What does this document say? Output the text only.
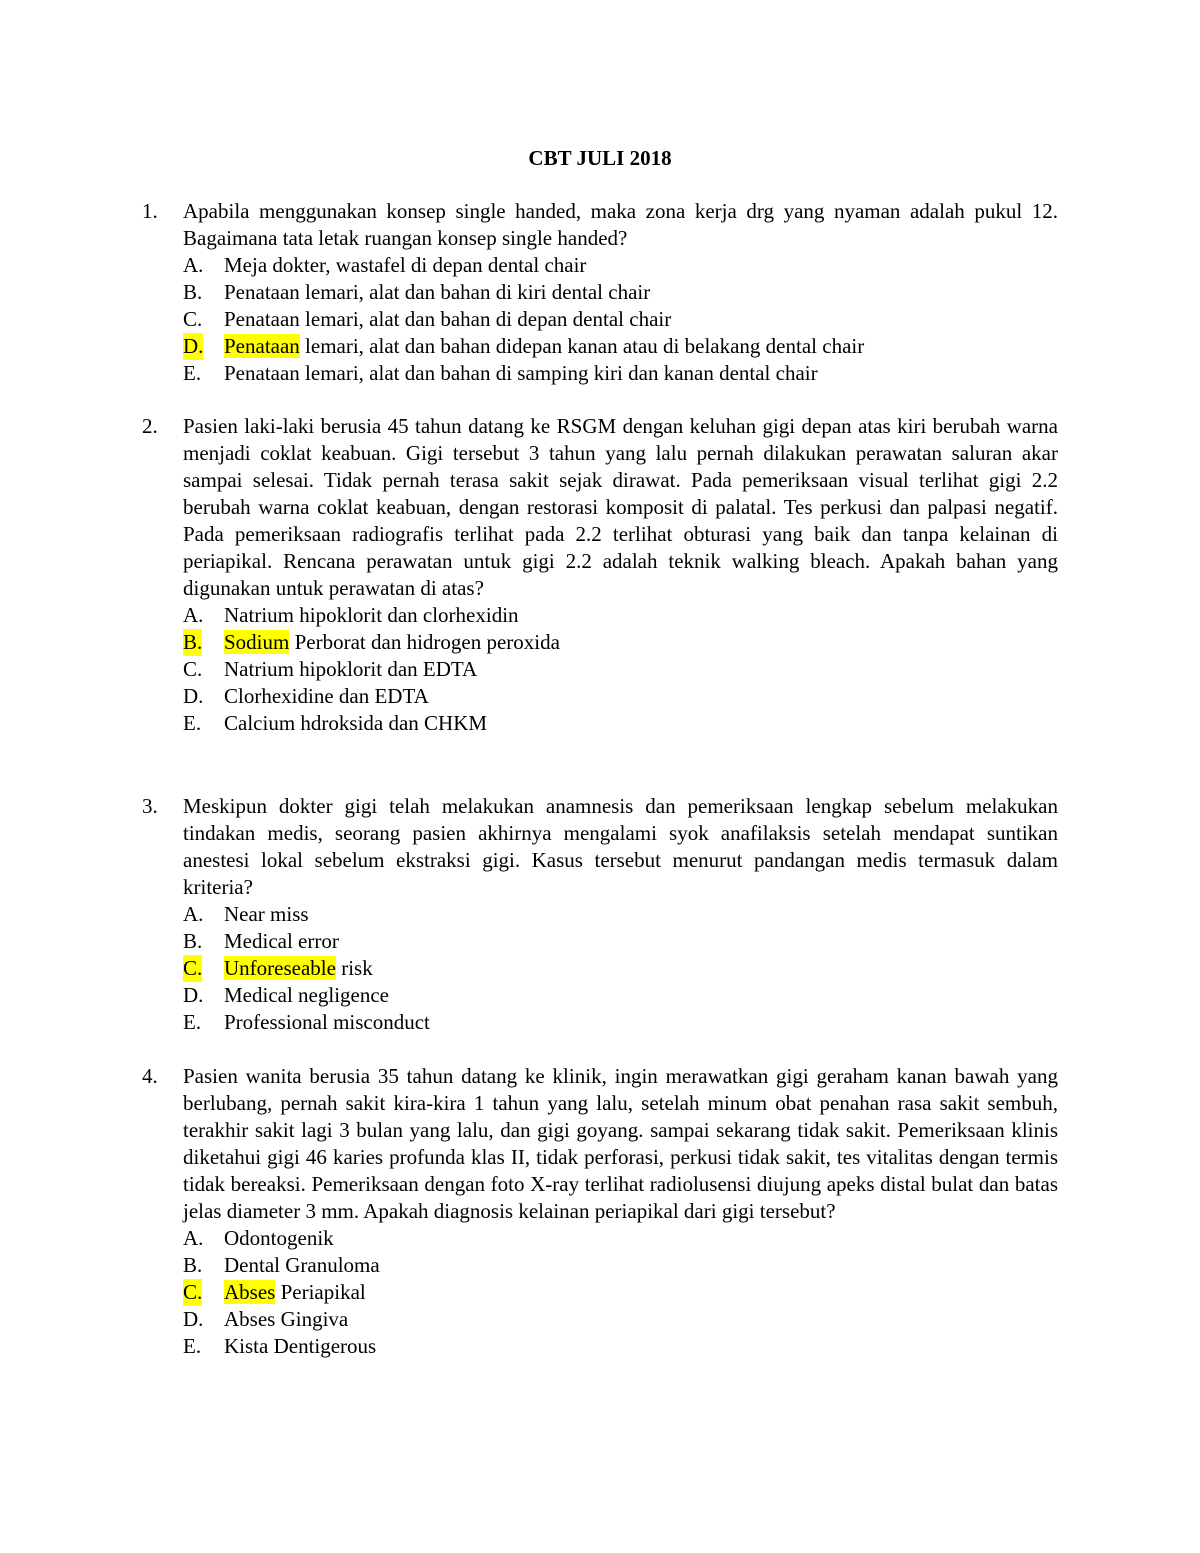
CBT JULI 2018
1. Apabila menggunakan konsep single handed, maka zona kerja drg yang nyaman adalah pukul 12. Bagaimana tata letak ruangan konsep single handed?

A. Meja dokter, wastafel di depan dental chair
B. Penataan lemari, alat dan bahan di kiri dental chair
C. Penataan lemari, alat dan bahan di depan dental chair
D. Penataan lemari, alat dan bahan didepan kanan atau di belakang dental chair
E. Penataan lemari, alat dan bahan di samping kiri dan kanan dental chair
2. Pasien laki-laki berusia 45 tahun datang ke RSGM dengan keluhan gigi depan atas kiri berubah warna menjadi coklat keabuan. Gigi tersebut 3 tahun yang lalu pernah dilakukan perawatan saluran akar sampai selesai. Tidak pernah terasa sakit sejak dirawat. Pada pemeriksaan visual terlihat gigi 2.2 berubah warna coklat keabuan, dengan restorasi komposit di palatal. Tes perkusi dan palpasi negatif. Pada pemeriksaan radiografis terlihat pada 2.2 terlihat obturasi yang baik dan tanpa kelainan di periapikal. Rencana perawatan untuk gigi 2.2 adalah teknik walking bleach. Apakah bahan yang digunakan untuk perawatan di atas?

A. Natrium hipoklorit dan clorhexidin
B. Sodium Perborat dan hidrogen peroxida
C. Natrium hipoklorit dan EDTA
D. Clorhexidine dan EDTA
E. Calcium hdroksida dan CHKM
3. Meskipun dokter gigi telah melakukan anamnesis dan pemeriksaan lengkap sebelum melakukan tindakan medis, seorang pasien akhirnya mengalami syok anafilaksis setelah mendapat suntikan anestesi lokal sebelum ekstraksi gigi. Kasus tersebut menurut pandangan medis termasuk dalam kriteria?

A. Near miss
B. Medical error
C. Unforeseable risk
D. Medical negligence
E. Professional misconduct
4. Pasien wanita berusia 35 tahun datang ke klinik, ingin merawatkan gigi geraham kanan bawah yang berlubang, pernah sakit kira-kira 1 tahun yang lalu, setelah minum obat penahan rasa sakit sembuh, terakhir sakit lagi 3 bulan yang lalu, dan gigi goyang. sampai sekarang tidak sakit. Pemeriksaan klinis diketahui gigi 46 karies profunda klas II, tidak perforasi, perkusi tidak sakit, tes vitalitas dengan termis tidak bereaksi. Pemeriksaan dengan foto X-ray terlihat radiolusensi diujung apeks distal bulat dan batas jelas diameter 3 mm. Apakah diagnosis kelainan periapikal dari gigi tersebut?

A. Odontogenik
B. Dental Granuloma
C. Abses Periapikal
D. Abses Gingiva
E. Kista Dentigerous
